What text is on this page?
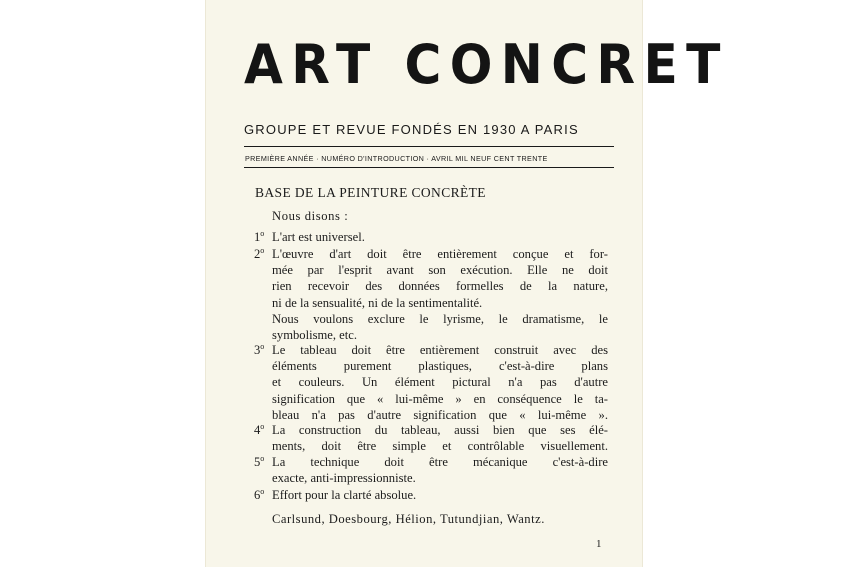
ART CONCRET
GROUPE ET REVUE FONDÉS EN 1930 A PARIS
PREMIÈRE ANNÉE · NUMÉRO D'INTRODUCTION · AVRIL MIL NEUF CENT TRENTE
BASE DE LA PEINTURE CONCRÈTE
Nous disons :
1$^o$ L'art est universel.
2$^o$ L'œuvre d'art doit être entièrement conçue et for-
mée par l'esprit avant son exécution. Elle ne doit
rien recevoir des données formelles de la nature,
ni de la sensualité, ni de la sentimentalité.
Nous voulons exclure le lyrisme, le dramatisme, le
symbolisme, etc.
3$^o$ Le tableau doit être entièrement construit avec des
éléments purement plastiques, c'est-à-dire plans
et couleurs. Un élément pictural n'a pas d'autre
signification que « lui-même » en conséquence le ta-
bleau n'a pas d'autre signification que « lui-même ».
4$^o$ La construction du tableau, aussi bien que ses élé-
ments, doit être simple et contrôlable visuellement.
5$^o$ La technique doit être mécanique c'est-à-dire
exacte, anti-impressionniste.
6$^o$ Effort pour la clarté absolue.
Carlsund, Doesbourg, Hélion, Tutundjian, Wantz.
1
